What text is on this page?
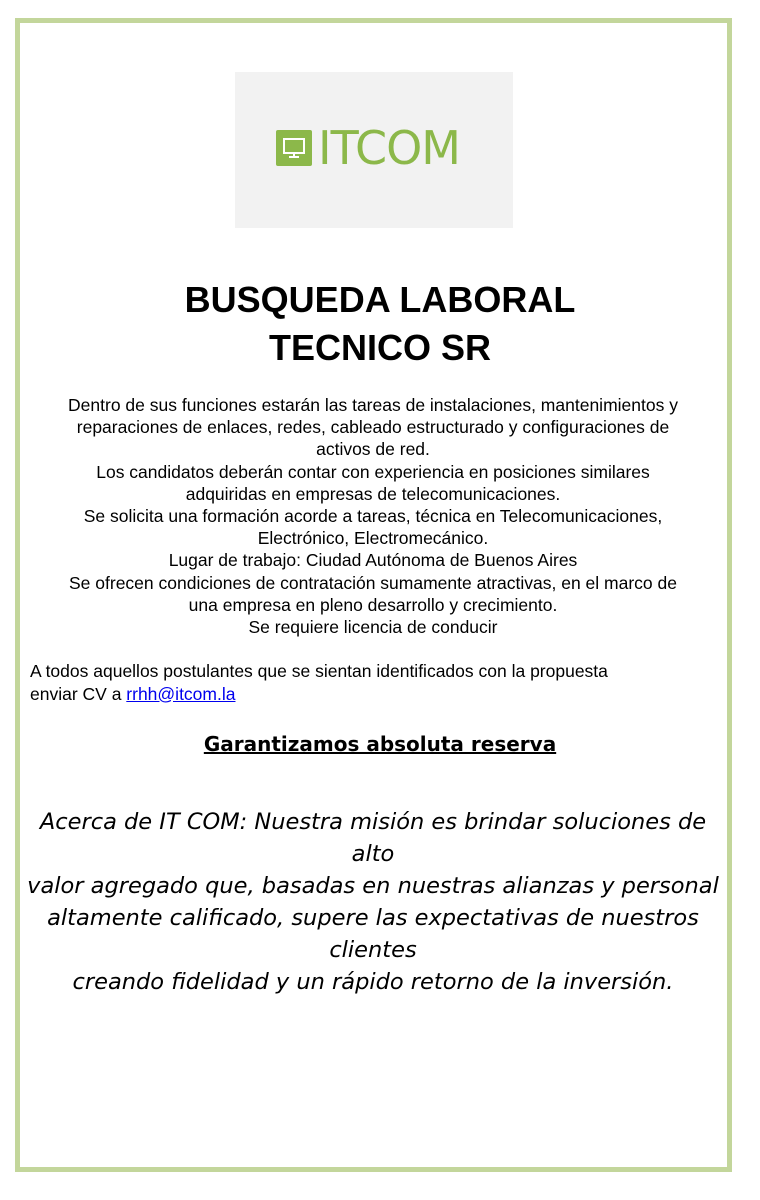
ITCOM
BUSQUEDA LABORAL
TECNICO SR

Dentro de sus funciones estarán las tareas de instalaciones, mantenimientos y
reparaciones de enlaces, redes, cableado estructurado y configuraciones de
activos de red.
Los candidatos deberán contar con experiencia en posiciones similares
adquiridas en empresas de telecomunicaciones.
Se solicita una formación acorde a tareas, técnica en Telecomunicaciones,
Electrónico, Electromecánico.
Lugar de trabajo: Ciudad Autónoma de Buenos Aires
Se ofrecen condiciones de contratación sumamente atractivas, en el marco de
una empresa en pleno desarrollo y crecimiento.
Se requiere licencia de conducir

A todos aquellos postulantes que se sientan identificados con la propuesta
enviar CV a rrhh@itcom.la

Garantizamos absoluta reserva

Acerca de IT COM: Nuestra misión es brindar soluciones de alto
valor agregado que, basadas en nuestras alianzas y personal
altamente calificado, supere las expectativas de nuestros clientes
creando fidelidad y un rápido retorno de la inversión.
